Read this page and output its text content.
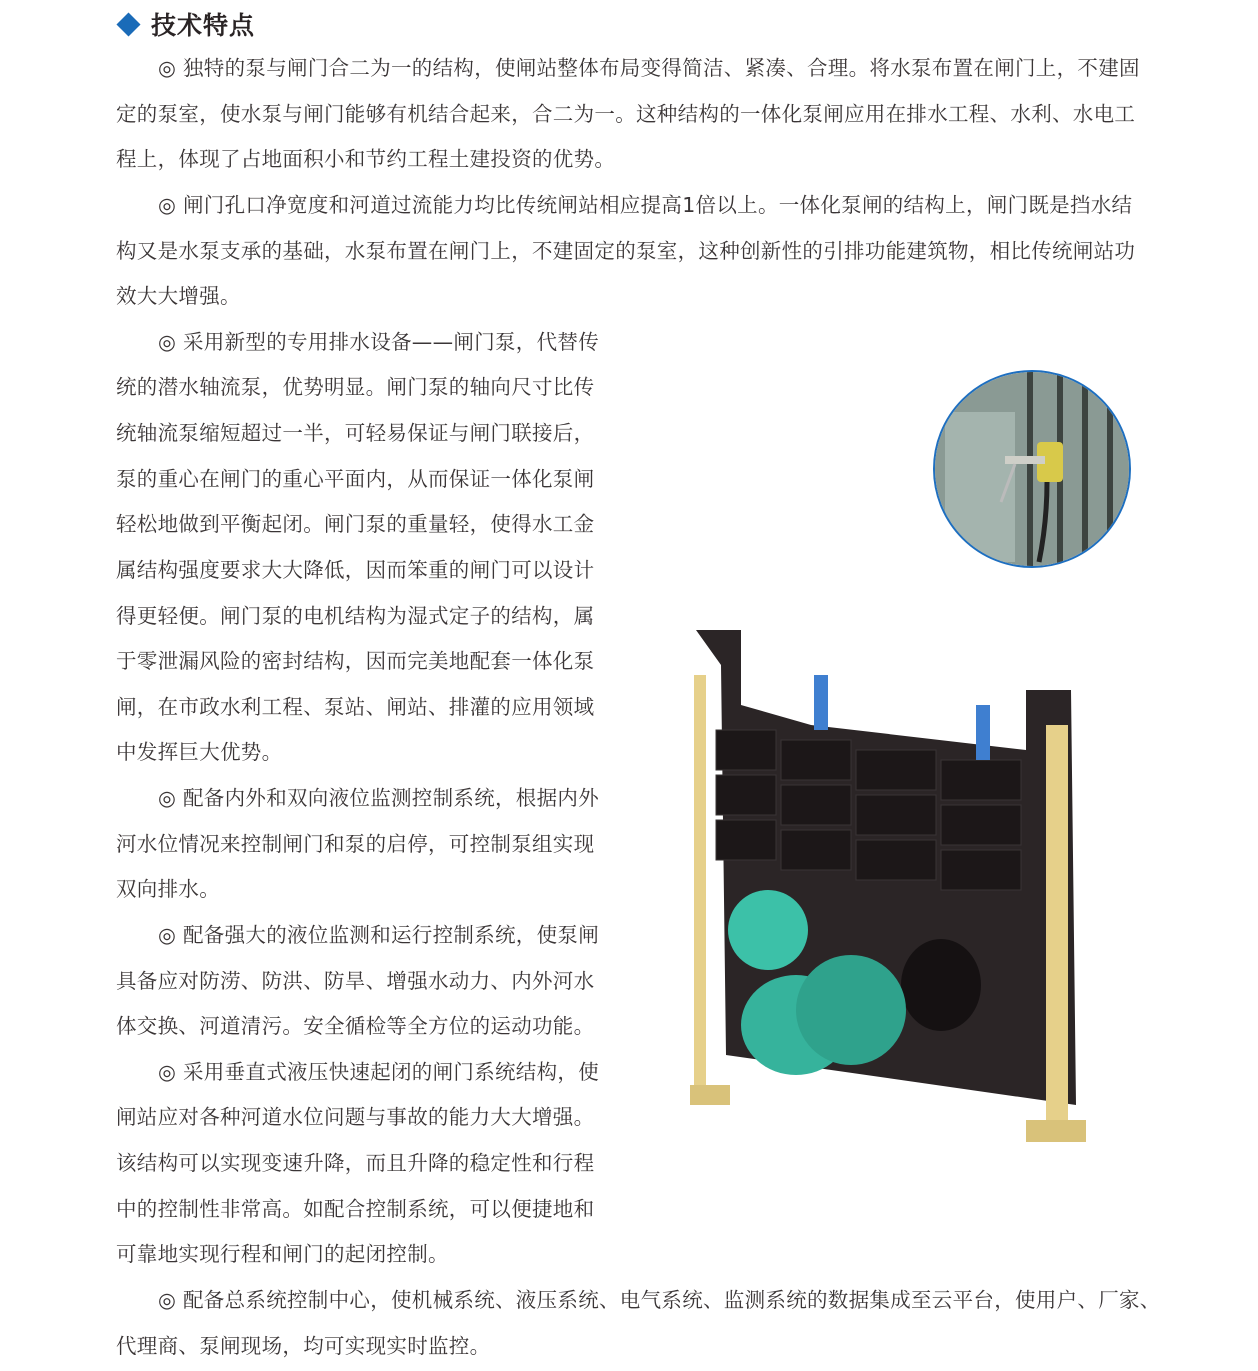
技术特点
◎ 独特的泵与闸门合二为一的结构，使闸站整体布局变得简洁、紧凑、合理。将水泵布置在闸门上，不建固
定的泵室，使水泵与闸门能够有机结合起来，合二为一。这种结构的一体化泵闸应用在排水工程、水利、水电工
程上，体现了占地面积小和节约工程土建投资的优势。
◎ 闸门孔口净宽度和河道过流能力均比传统闸站相应提高1倍以上。一体化泵闸的结构上，闸门既是挡水结
构又是水泵支承的基础，水泵布置在闸门上，不建固定的泵室，这种创新性的引排功能建筑物，相比传统闸站功
效大大增强。
◎ 采用新型的专用排水设备——闸门泵，代替传
统的潜水轴流泵，优势明显。闸门泵的轴向尺寸比传
统轴流泵缩短超过一半，可轻易保证与闸门联接后，
泵的重心在闸门的重心平面内，从而保证一体化泵闸
轻松地做到平衡起闭。闸门泵的重量轻，使得水工金
属结构强度要求大大降低，因而笨重的闸门可以设计
得更轻便。闸门泵的电机结构为湿式定子的结构，属
于零泄漏风险的密封结构，因而完美地配套一体化泵
闸，在市政水利工程、泵站、闸站、排灌的应用领域
中发挥巨大优势。
◎ 配备内外和双向液位监测控制系统，根据内外
河水位情况来控制闸门和泵的启停，可控制泵组实现
双向排水。
◎ 配备强大的液位监测和运行控制系统，使泵闸
具备应对防涝、防洪、防旱、增强水动力、内外河水
体交换、河道清污。安全循检等全方位的运动功能。
◎ 采用垂直式液压快速起闭的闸门系统结构，使
闸站应对各种河道水位问题与事故的能力大大增强。
该结构可以实现变速升降，而且升降的稳定性和行程
中的控制性非常高。如配合控制系统，可以便捷地和
可靠地实现行程和闸门的起闭控制。
◎ 配备总系统控制中心，使机械系统、液压系统、电气系统、监测系统的数据集成至云平台，使用户、厂家、
代理商、泵闸现场，均可实现实时监控。
